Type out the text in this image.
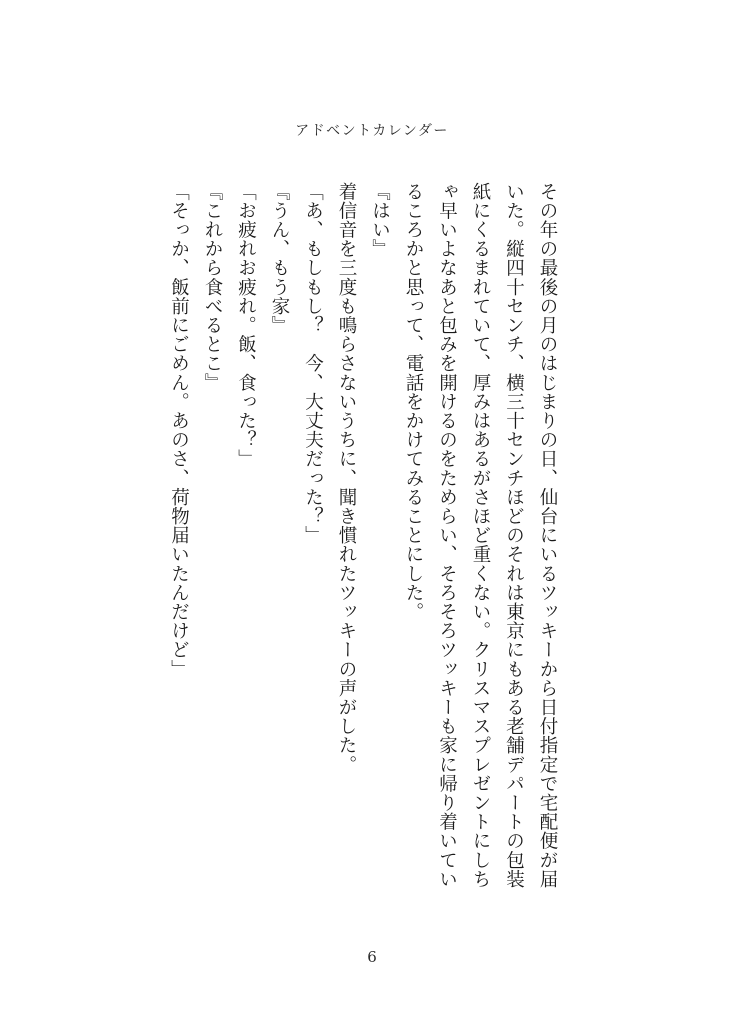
アドベントカレンダー

その年の最後の月のはじまりの日、仙台にいるツッキーから日付指定で宅配便が届いた。縦四十センチ、横三十センチほどのそれは東京にもある老舗デパートの包装紙にくるまれていて、厚みはあるがさほど重くない。クリスマスプレゼントにしちゃ早いよなあと包みを開けるのをためらい、そろそろツッキーも家に帰り着いているころかと思って、電話をかけてみることにした。

『はい』

着信音を三度も鳴らさないうちに、聞き慣れたツッキーの声がした。

「あ、もしもし？　今、大丈夫だった？」

『うん、もう家』

「お疲れお疲れ。飯、食った？」

『これから食べるとこ』

「そっか、飯前にごめん。あのさ、荷物届いたんだけど」

6
